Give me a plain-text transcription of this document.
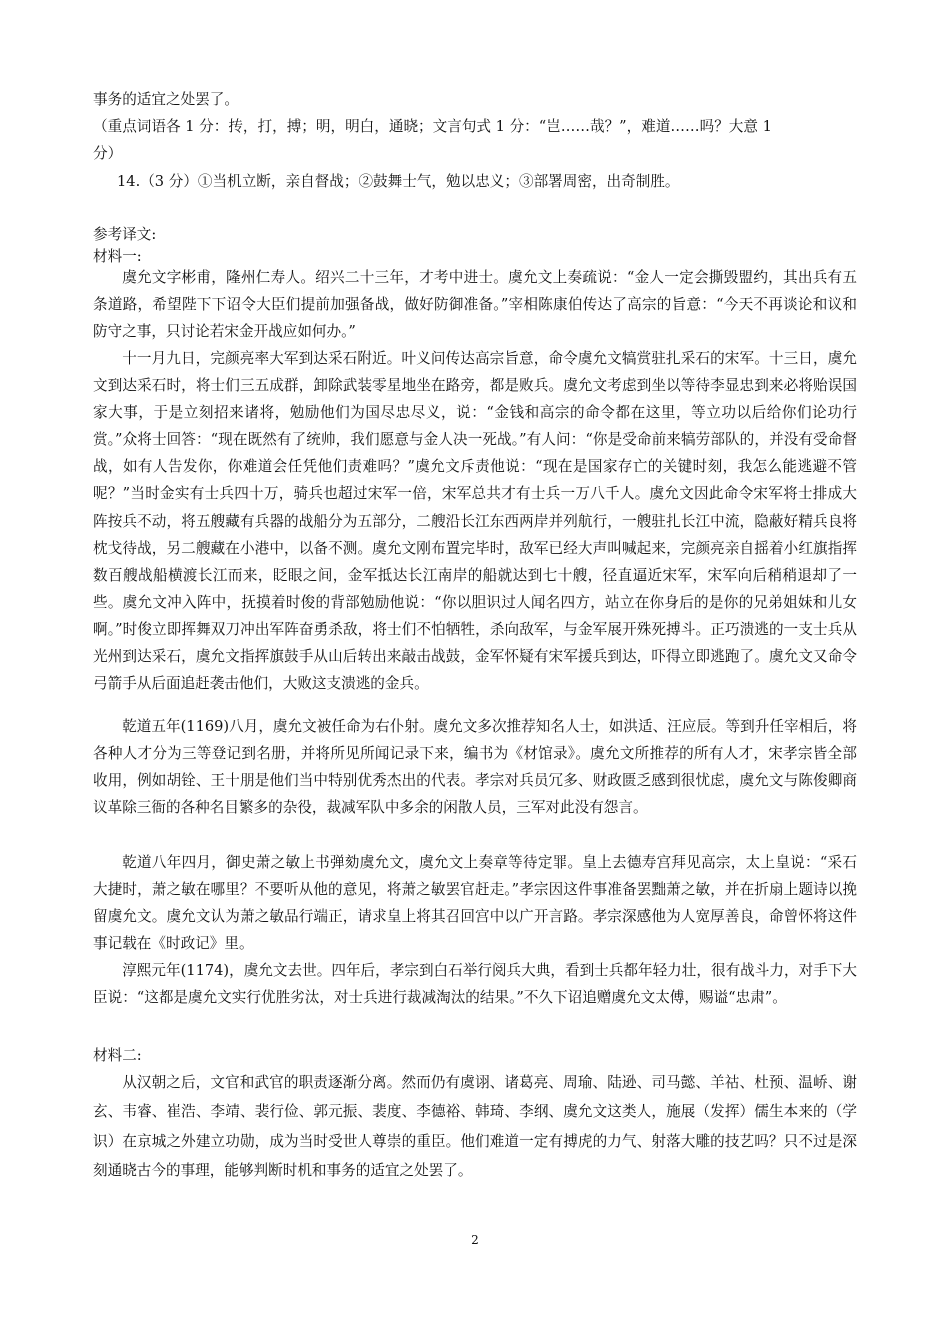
事务的适宜之处罢了。
（重点词语各 1 分：抟，打，搏；明，明白，通晓；文言句式 1 分：“岂……哉？”，难道……吗？大意 1
分）
14.（3 分）①当机立断，亲自督战；②鼓舞士气，勉以忠义；③部署周密，出奇制胜。
参考译文:
材料一:

虞允文字彬甫，隆州仁寿人。绍兴二十三年，才考中进士。虞允文上奏疏说：“金人一定会撕毁盟约，其出兵有五条道路，希望陛下下诏令大臣们提前加强备战，做好防御准备。”宰相陈康伯传达了高宗的旨意：“今天不再谈论和议和防守之事，只讨论若宋金开战应如何办。”

十一月九日，完颜亮率大军到达采石附近。叶义问传达高宗旨意，命令虞允文犒赏驻扎采石的宋军。十三日，虞允文到达采石时，将士们三五成群，卸除武装零星地坐在路旁，都是败兵。虞允文考虑到坐以等待李显忠到来必将贻误国家大事，于是立刻招来诸将，勉励他们为国尽忠尽义，说：“金钱和高宗的命令都在这里，等立功以后给你们论功行赏。”众将士回答：“现在既然有了统帅，我们愿意与金人决一死战。”有人问：“你是受命前来犒劳部队的，并没有受命督战，如有人告发你，你难道会任凭他们责难吗？”虞允文斥责他说：“现在是国家存亡的关键时刻，我怎么能逃避不管呢？”当时金实有士兵四十万，骑兵也超过宋军一倍，宋军总共才有士兵一万八千人。虞允文因此命令宋军将士排成大阵按兵不动，将五艘藏有兵器的战船分为五部分，二艘沿长江东西两岸并列航行，一艘驻扎长江中流，隐蔽好精兵良将枕戈待战，另二艘藏在小港中，以备不测。虞允文刚布置完毕时，敌军已经大声叫喊起来，完颜亮亲自摇着小红旗指挥数百艘战船横渡长江而来，眨眼之间，金军抵达长江南岸的船就达到七十艘，径直逼近宋军，宋军向后稍稍退却了一些。虞允文冲入阵中，抚摸着时俊的背部勉励他说：“你以胆识过人闻名四方，站立在你身后的是你的兄弟姐妹和儿女啊。”时俊立即挥舞双刀冲出军阵奋勇杀敌，将士们不怕牺牲，杀向敌军，与金军展开殊死搏斗。正巧溃逃的一支士兵从光州到达采石，虞允文指挥旗鼓手从山后转出来敲击战鼓，金军怀疑有宋军援兵到达，吓得立即逃跑了。虞允文又命令弓箭手从后面追赶袭击他们，大败这支溃逃的金兵。

乾道五年(1169)八月，虞允文被任命为右仆射。虞允文多次推荐知名人士，如洪适、汪应辰。等到升任宰相后，将各种人才分为三等登记到名册，并将所见所闻记录下来，编书为《材馆录》。虞允文所推荐的所有人才，宋孝宗皆全部收用，例如胡铨、王十朋是他们当中特别优秀杰出的代表。孝宗对兵员冗多、财政匮乏感到很忧虑，虞允文与陈俊卿商议革除三衙的各种名目繁多的杂役，裁减军队中多余的闲散人员，三军对此没有怨言。

乾道八年四月，御史萧之敏上书弹劾虞允文，虞允文上奏章等待定罪。皇上去德寿宫拜见高宗，太上皇说：“采石大捷时，萧之敏在哪里？不要听从他的意见，将萧之敏罢官赶走。”孝宗因这件事准备罢黜萧之敏，并在折扇上题诗以挽留虞允文。虞允文认为萧之敏品行端正，请求皇上将其召回宫中以广开言路。孝宗深感他为人宽厚善良，命曾怀将这件事记载在《时政记》里。

淳熙元年(1174)，虞允文去世。四年后，孝宗到白石举行阅兵大典，看到士兵都年轻力壮，很有战斗力，对手下大臣说：“这都是虞允文实行优胜劣汰，对士兵进行裁减淘汰的结果。”不久下诏追赠虞允文太傅，赐谥“忠肃”。

材料二:

从汉朝之后，文官和武官的职责逐渐分离。然而仍有虞诩、诸葛亮、周瑜、陆逊、司马懿、羊祜、杜预、温峤、谢玄、韦睿、崔浩、李靖、裴行俭、郭元振、裴度、李德裕、韩琦、李纲、虞允文这类人，施展（发挥）儒生本来的（学识）在京城之外建立功勋，成为当时受世人尊崇的重臣。他们难道一定有搏虎的力气、射落大雕的技艺吗？只不过是深刻通晓古今的事理，能够判断时机和事务的适宜之处罢了。

2
